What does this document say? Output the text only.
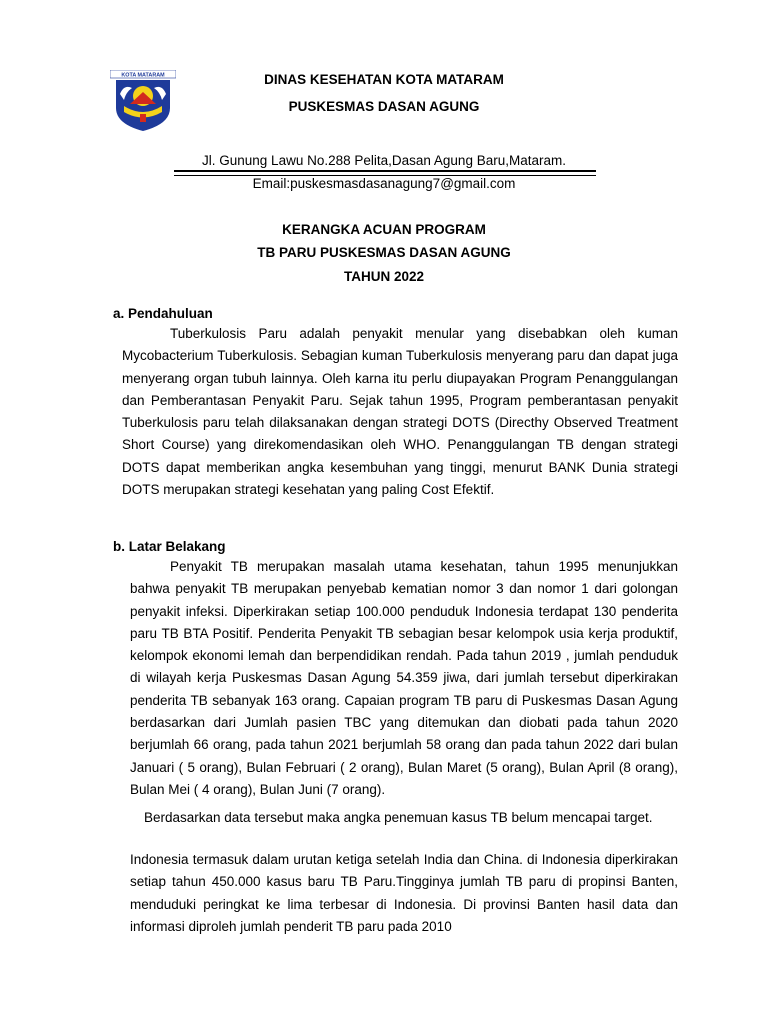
KOTA MATARAM	DINAS KESEHATAN KOTA MATARAM
PUSKESMAS DASAN AGUNG
Jl. Gunung Lawu No.288 Pelita,Dasan Agung Baru,Mataram.
Email:puskesmasdasanagung7@gmail.com
KERANGKA ACUAN PROGRAM
TB PARU PUSKESMAS DASAN AGUNG
TAHUN 2022
a. Pendahuluan

Tuberkulosis Paru adalah penyakit menular yang disebabkan oleh kuman Mycobacterium Tuberkulosis. Sebagian kuman Tuberkulosis menyerang paru dan dapat juga menyerang organ tubuh lainnya. Oleh karna itu perlu diupayakan Program Penanggulangan dan Pemberantasan Penyakit Paru. Sejak tahun 1995, Program pemberantasan penyakit Tuberkulosis paru telah dilaksanakan dengan strategi DOTS (Directhy Observed Treatment Short Course) yang direkomendasikan oleh WHO. Penanggulangan TB dengan strategi DOTS dapat memberikan angka kesembuhan yang tinggi, menurut BANK Dunia strategi DOTS merupakan strategi kesehatan yang paling Cost Efektif.

b. Latar Belakang

Penyakit TB merupakan masalah utama kesehatan, tahun 1995 menunjukkan bahwa penyakit TB merupakan penyebab kematian nomor 3 dan nomor 1 dari golongan penyakit infeksi. Diperkirakan setiap 100.000 penduduk Indonesia terdapat 130 penderita paru TB BTA Positif. Penderita Penyakit TB sebagian besar kelompok usia kerja produktif, kelompok ekonomi lemah dan berpendidikan rendah. Pada tahun 2019 , jumlah penduduk di wilayah kerja Puskesmas Dasan Agung 54.359 jiwa, dari jumlah tersebut diperkirakan penderita TB sebanyak 163 orang. Capaian program TB paru di Puskesmas Dasan Agung berdasarkan dari Jumlah pasien TBC yang ditemukan dan diobati pada tahun 2020 berjumlah 66 orang, pada tahun 2021 berjumlah 58 orang dan pada tahun 2022 dari bulan Januari ( 5 orang), Bulan Februari ( 2 orang), Bulan Maret (5 orang), Bulan April (8 orang), Bulan Mei ( 4 orang), Bulan Juni (7 orang).

Berdasarkan data tersebut maka angka penemuan kasus TB belum mencapai target.

Indonesia termasuk dalam urutan ketiga setelah India dan China. di Indonesia diperkirakan setiap tahun 450.000 kasus baru TB Paru.Tingginya jumlah TB paru di propinsi Banten, menduduki peringkat ke lima terbesar di Indonesia. Di provinsi Banten hasil data dan informasi diproleh jumlah penderit TB paru pada 2010
